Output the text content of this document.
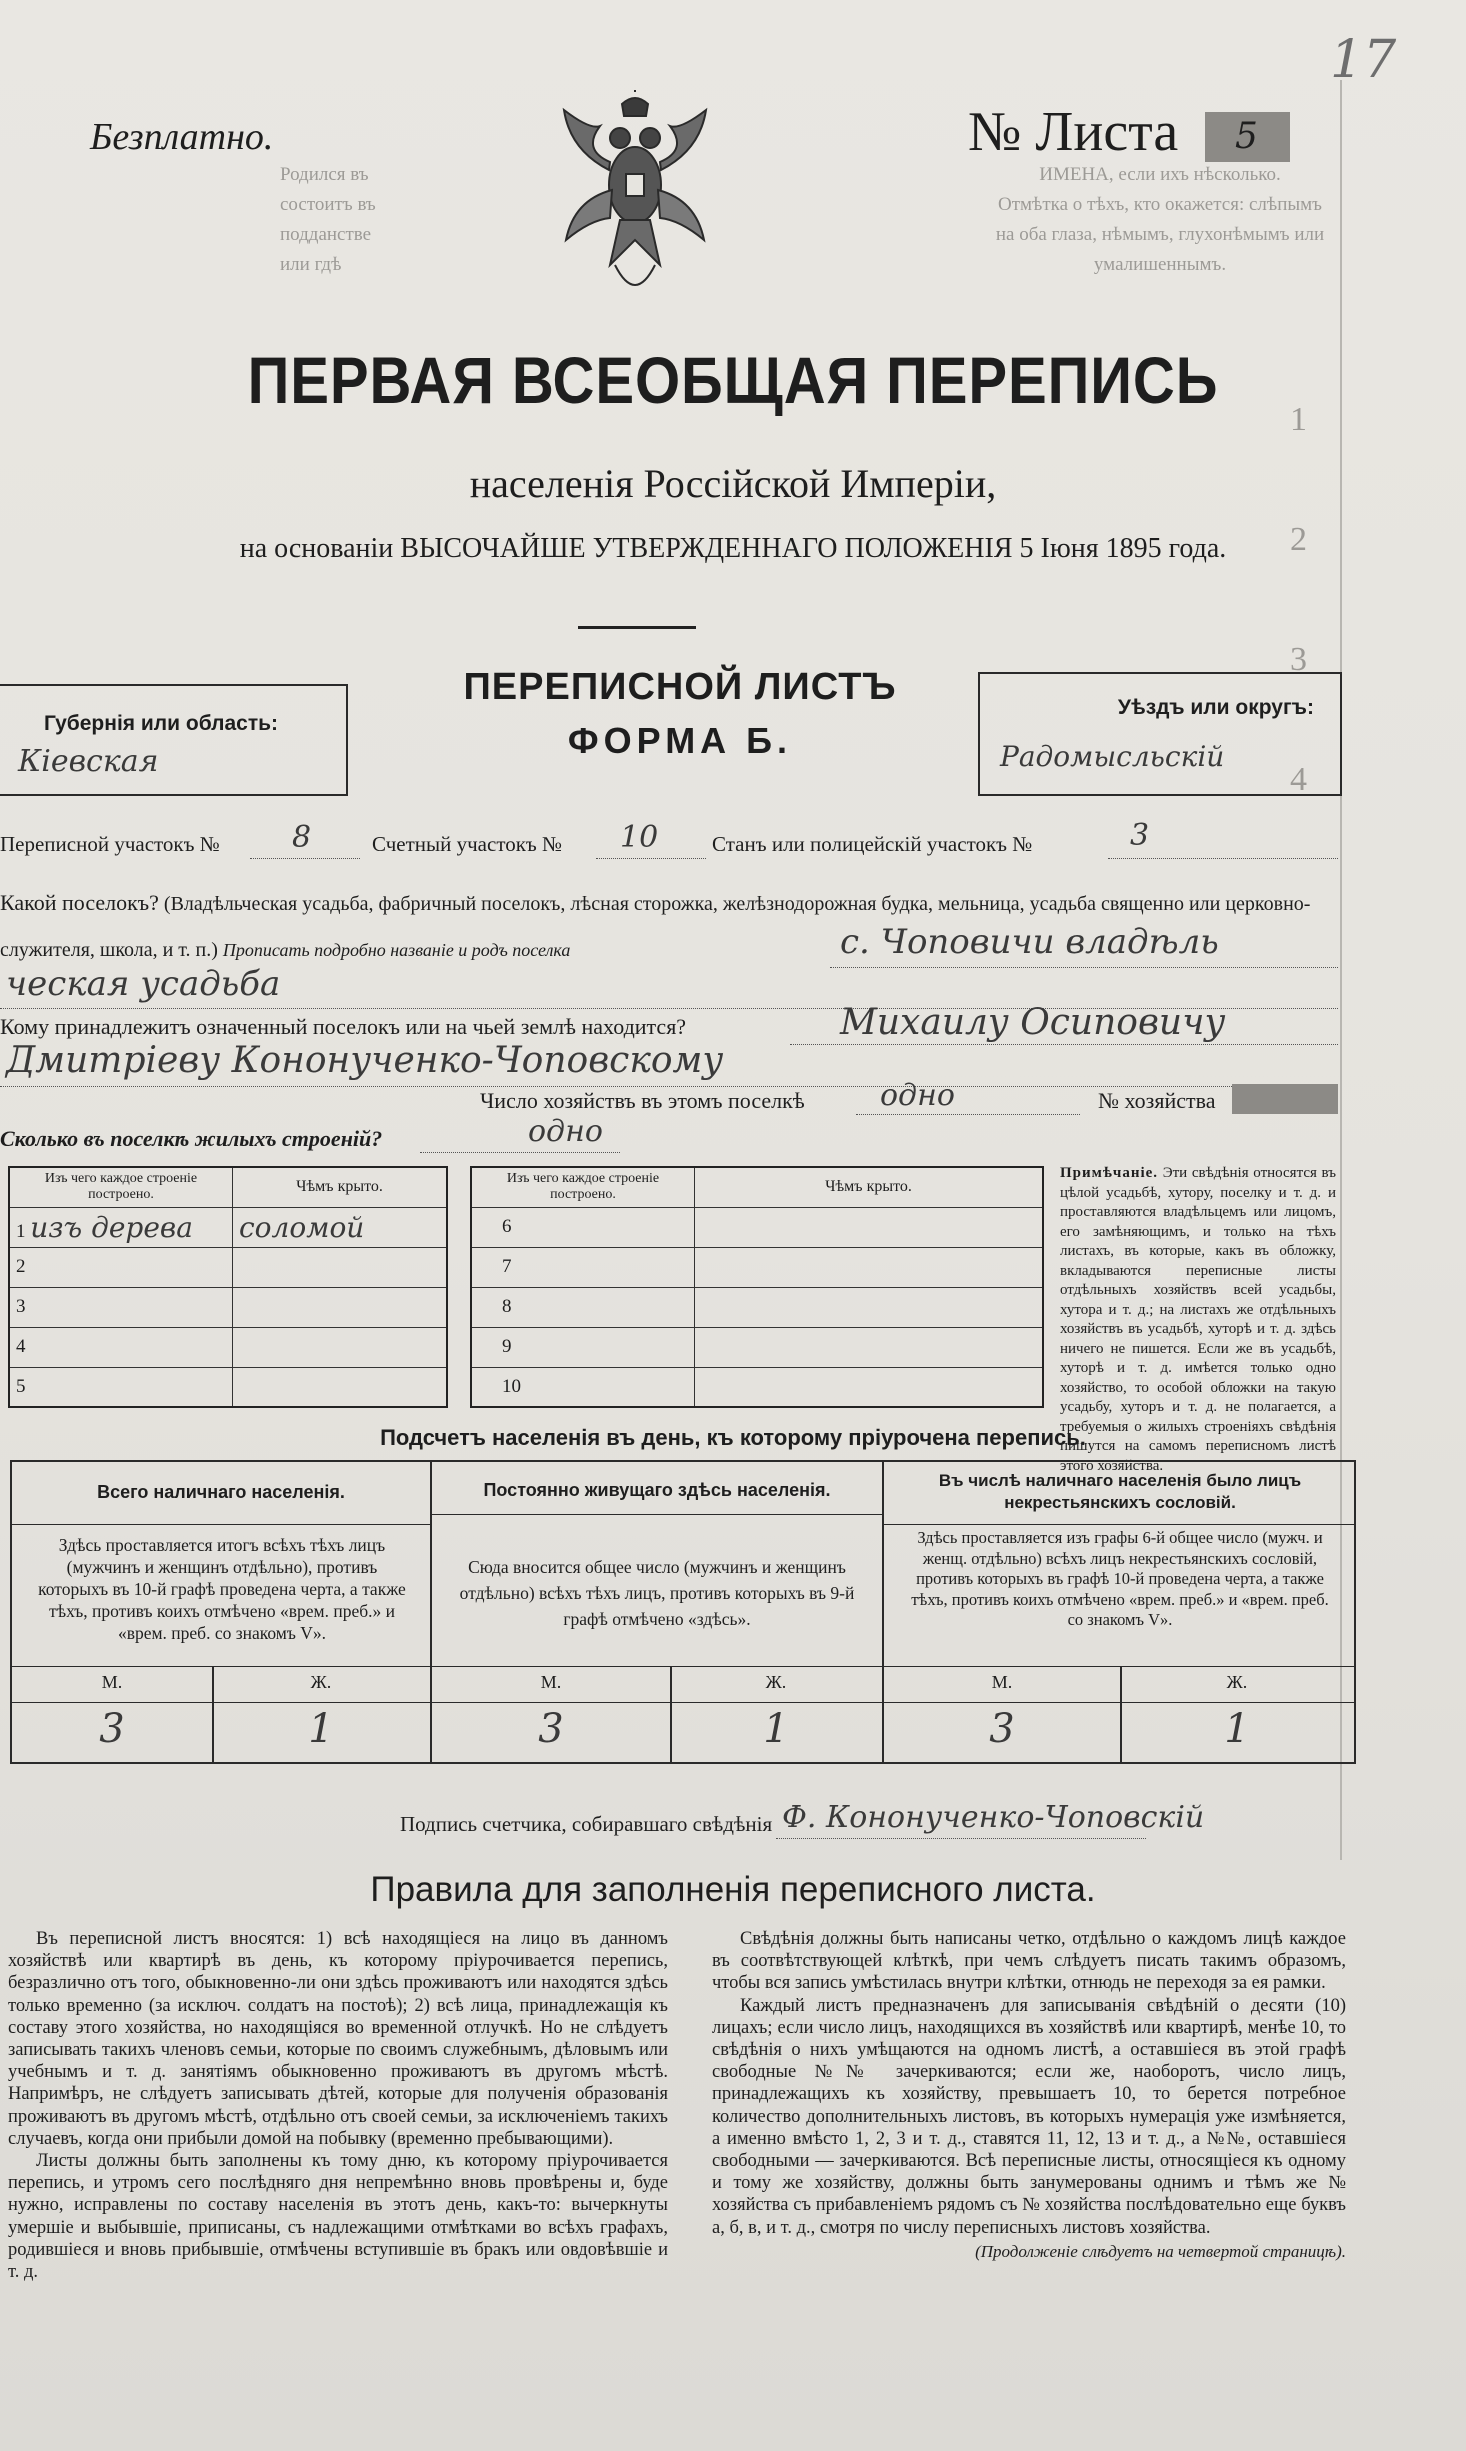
Родился въ
состоитъ въ
подданстве
или гдѣ
ИМЕНА, если ихъ нѣсколько.
Отмѣтка о тѣхъ, кто окажется: слѣпымъ
на оба глаза, нѣмымъ, глухонѣмымъ или
умалишеннымъ.
1
2
3
4
17
Безплатно.	№ Листа 5
ПЕРВАЯ ВСЕОБЩАЯ ПЕРЕПИСЬ
населенія Россійской Имперіи,
на основаніи ВЫСОЧАЙШЕ УТВЕРЖДЕННАГО ПОЛОЖЕНІЯ 5 Іюня 1895 года.
Губернія или область:
Кіевская
ПЕРЕПИСНОЙ ЛИСТЪ
ФОРМА Б.
Уѣздъ или округъ:
Радомысльскій
Переписной участокъ № 8	Счетный участокъ № 10	Станъ или полицейскій участокъ №	3
Какой поселокъ? (Владѣльческая усадьба, фабричный поселокъ, лѣсная сторожка, желѣзнодорожная будка, мельница, усадьба священно или церковно-служителя, школа, и т. п.) Прописать подробно названіе и родъ поселка	с. Чоповичи владѣль
ческая усадьба
Кому принадлежитъ означенный поселокъ или на чьей землѣ находится?	Михаилу Осиповичу
Дмитріеву Кононученко-Чоповскому
Число хозяйствъ въ этомъ поселкѣ	одно	№ хозяйства
Сколько въ поселкѣ жилыхъ строеній?	одно
Изъ чего каждое строеніе построено.	Чѣмъ крыто.
1 изъ дерева	соломой
2	
3	
4	
5	
Изъ чего каждое строеніе построено.	Чѣмъ крыто.
6	
7	
8	
9	
10	
Примѣчаніе. Эти свѣдѣнія относятся въ цѣлой усадьбѣ, хутору, поселку и т. д. и проставляются владѣльцемъ или лицомъ, его замѣняющимъ, и только на тѣхъ листахъ, въ которые, какъ въ обложку, вкладываются переписные листы отдѣльныхъ хозяйствъ всей усадьбы, хутора и т. д.; на листахъ же отдѣльныхъ хозяйствъ въ усадьбѣ, хуторѣ и т. д. здѣсь ничего не пишется. Если же въ усадьбѣ, хуторѣ и т. д. имѣется только одно хозяйство, то особой обложки на такую усадьбу, хуторъ и т. д. не полагается, а требуемыя о жилыхъ строеніяхъ свѣдѣнія пишутся на самомъ переписномъ листѣ этого хозяйства.
Подсчетъ населенія въ день, къ которому пріурочена перепись.
Всего наличнаго населенія.
Здѣсь проставляется итогъ всѣхъ тѣхъ лицъ (мужчинъ и женщинъ отдѣльно), противъ которыхъ въ 10-й графѣ проведена черта, а также тѣхъ, противъ коихъ отмѣчено «врем. преб.» и «врем. преб. со знакомъ V».
М.	Ж.
3	1
Постоянно живущаго здѣсь населенія.
Сюда вносится общее число (мужчинъ и женщинъ отдѣльно) всѣхъ тѣхъ лицъ, противъ которыхъ въ 9-й графѣ отмѣчено «здѣсь».
М.	Ж.
3	1
Въ числѣ наличнаго населенія было лицъ некрестьянскихъ сословій.
Здѣсь проставляется изъ графы 6-й общее число (мужч. и женщ. отдѣльно) всѣхъ лицъ некрестьянскихъ сословій, противъ которыхъ въ графѣ 10-й проведена черта, а также тѣхъ, противъ коихъ отмѣчено «врем. преб.» и «врем. преб. со знакомъ V».
М.	Ж.
3	1
Подпись счетчика, собиравшаго свѣдѣнія Ф. Кононученко-Чоповскій
Правила для заполненія переписного листа.

Въ переписной листъ вносятся: 1) всѣ находящіеся на лицо въ данномъ хозяйствѣ или квартирѣ въ день, къ которому пріурочивается перепись, безразлично отъ того, обыкновенно-ли они здѣсь проживаютъ или находятся здѣсь только временно (за исключ. солдатъ на постоѣ); 2) всѣ лица, принадлежащія къ составу этого хозяйства, но находящіяся во временной отлучкѣ. Но не слѣдуетъ записывать такихъ членовъ семьи, которые по своимъ служебнымъ, дѣловымъ или учебнымъ и т. д. занятіямъ обыкновенно проживаютъ въ другомъ мѣстѣ. Напримѣръ, не слѣдуетъ записывать дѣтей, которые для полученія образованія проживаютъ въ другомъ мѣстѣ, отдѣльно отъ своей семьи, за исключеніемъ такихъ случаевъ, когда они прибыли домой на побывку (временно пребывающими).

Листы должны быть заполнены къ тому дню, къ которому пріурочивается перепись, и утромъ сего послѣдняго дня непремѣнно вновь провѣрены и, буде нужно, исправлены по составу населенія въ этотъ день, какъ-то: вычеркнуты умершіе и выбывшіе, приписаны, съ надлежащими отмѣтками во всѣхъ графахъ, родившіеся и вновь прибывшіе, отмѣчены вступившіе въ бракъ или овдовѣвшіе и т. д.

Свѣдѣнія должны быть написаны четко, отдѣльно о каждомъ лицѣ каждое въ соотвѣтствующей клѣткѣ, при чемъ слѣдуетъ писать такимъ образомъ, чтобы вся запись умѣстилась внутри клѣтки, отнюдь не переходя за ея рамки.

Каждый листъ предназначенъ для записыванія свѣдѣній о десяти (10) лицахъ; если число лицъ, находящихся въ хозяйствѣ или квартирѣ, менѣе 10, то свѣдѣнія о нихъ умѣщаются на одномъ листѣ, а оставшіеся въ этой графѣ свободные №№ зачеркиваются; если же, наоборотъ, число лицъ, принадлежащихъ къ хозяйству, превышаетъ 10, то берется потребное количество дополнительныхъ листовъ, въ которыхъ нумерація уже измѣняется, а именно вмѣсто 1, 2, 3 и т. д., ставятся 11, 12, 13 и т. д., а №№, оставшіеся свободными — зачеркиваются. Всѣ переписные листы, относящіеся къ одному и тому же хозяйству, должны быть занумерованы однимъ и тѣмъ же № хозяйства съ прибавленіемъ рядомъ съ № хозяйства послѣдовательно еще буквъ а, б, в, и т. д., смотря по числу переписныхъ листовъ хозяйства.

(Продолженіе слѣдуетъ на четвертой страницѣ).
